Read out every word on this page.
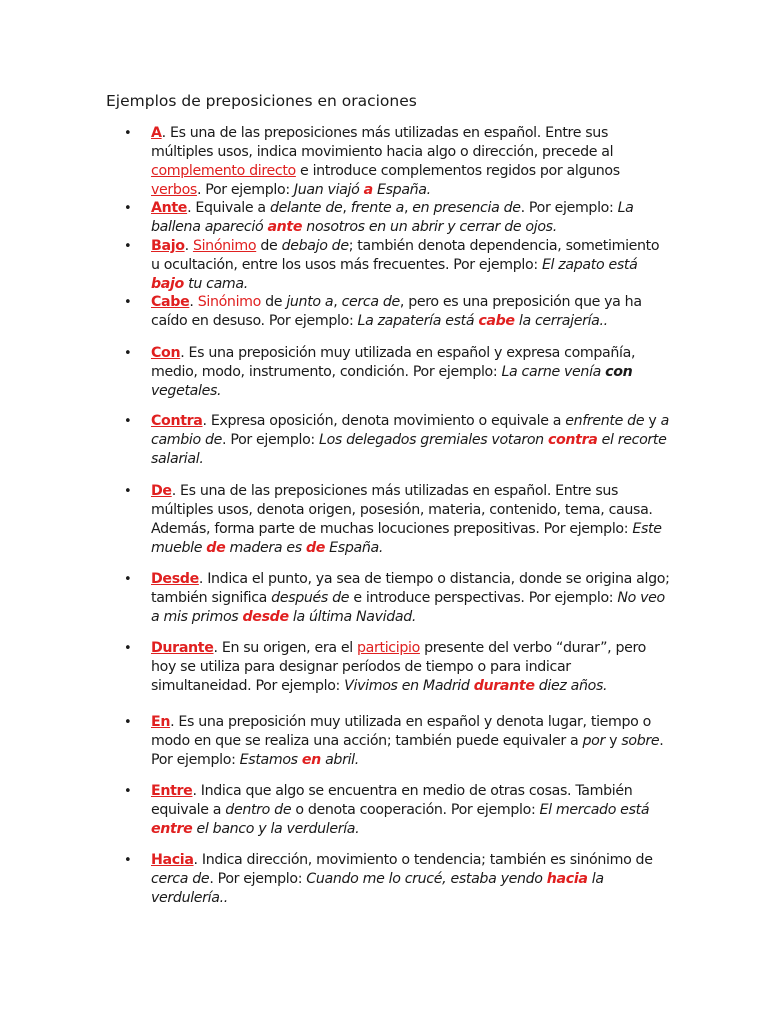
Ejemplos de preposiciones en oraciones
• A. Es una de las preposiciones más utilizadas en español. Entre sus múltiples usos, indica movimiento hacia algo o dirección, precede al complemento directo e introduce complementos regidos por algunos verbos. Por ejemplo: Juan viajó a España.
• Ante. Equivale a delante de, frente a, en presencia de. Por ejemplo: La ballena apareció ante nosotros en un abrir y cerrar de ojos.
• Bajo. Sinónimo de debajo de; también denota dependencia, sometimiento u ocultación, entre los usos más frecuentes. Por ejemplo: El zapato está bajo tu cama.
• Cabe. Sinónimo de junto a, cerca de, pero es una preposición que ya ha caído en desuso. Por ejemplo: La zapatería está cabe la cerrajería..
• Con. Es una preposición muy utilizada en español y expresa compañía, medio, modo, instrumento, condición. Por ejemplo: La carne venía con vegetales.
• Contra. Expresa oposición, denota movimiento o equivale a enfrente de y a cambio de. Por ejemplo: Los delegados gremiales votaron contra el recorte salarial.
• De. Es una de las preposiciones más utilizadas en español. Entre sus múltiples usos, denota origen, posesión, materia, contenido, tema, causa. Además, forma parte de muchas locuciones prepositivas. Por ejemplo: Este mueble de madera es de España.
• Desde. Indica el punto, ya sea de tiempo o distancia, donde se origina algo; también significa después de e introduce perspectivas. Por ejemplo: No veo a mis primos desde la última Navidad.
• Durante. En su origen, era el participio presente del verbo “durar”, pero hoy se utiliza para designar períodos de tiempo o para indicar simultaneidad. Por ejemplo: Vivimos en Madrid durante diez años.
• En. Es una preposición muy utilizada en español y denota lugar, tiempo o modo en que se realiza una acción; también puede equivaler a por y sobre. Por ejemplo: Estamos en abril.
• Entre. Indica que algo se encuentra en medio de otras cosas. También equivale a dentro de o denota cooperación. Por ejemplo: El mercado está entre el banco y la verdulería.
• Hacia. Indica dirección, movimiento o tendencia; también es sinónimo de cerca de. Por ejemplo: Cuando me lo crucé, estaba yendo hacia la verdulería..
